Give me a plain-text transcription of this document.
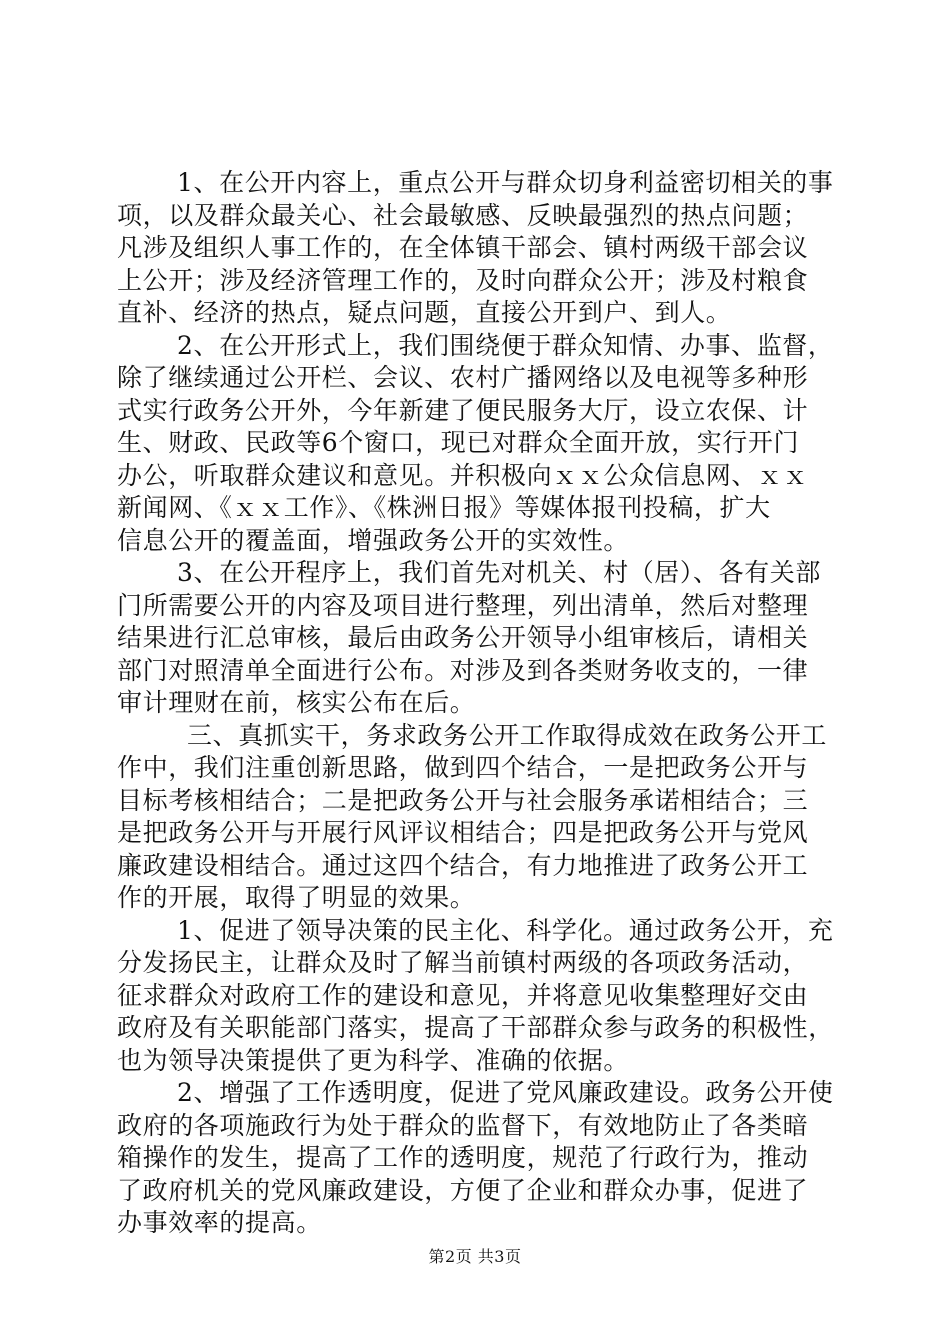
1、在公开内容上，重点公开与群众切身利益密切相关的事
项，以及群众最关心、社会最敏感、反映最强烈的热点问题；
凡涉及组织人事工作的，在全体镇干部会、镇村两级干部会议
上公开；涉及经济管理工作的，及时向群众公开；涉及村粮食
直补、经济的热点，疑点问题，直接公开到户、到人。
2、在公开形式上，我们围绕便于群众知情、办事、监督，
除了继续通过公开栏、会议、农村广播网络以及电视等多种形
式实行政务公开外，今年新建了便民服务大厅，设立农保、计
生、财政、民政等6个窗口，现已对群众全面开放，实行开门
办公，听取群众建议和意见。并积极向ｘｘ公众信息网、ｘｘ
新闻网、《ｘｘ工作》、《株洲日报》等媒体报刊投稿，扩大
信息公开的覆盖面，增强政务公开的实效性。
3、在公开程序上，我们首先对机关、村（居）、各有关部
门所需要公开的内容及项目进行整理，列出清单，然后对整理
结果进行汇总审核，最后由政务公开领导小组审核后，请相关
部门对照清单全面进行公布。对涉及到各类财务收支的，一律
审计理财在前，核实公布在后。
三、真抓实干，务求政务公开工作取得成效在政务公开工
作中，我们注重创新思路，做到四个结合，一是把政务公开与
目标考核相结合；二是把政务公开与社会服务承诺相结合；三
是把政务公开与开展行风评议相结合；四是把政务公开与党风
廉政建设相结合。通过这四个结合，有力地推进了政务公开工
作的开展，取得了明显的效果。
1、促进了领导决策的民主化、科学化。通过政务公开，充
分发扬民主，让群众及时了解当前镇村两级的各项政务活动，
征求群众对政府工作的建设和意见，并将意见收集整理好交由
政府及有关职能部门落实，提高了干部群众参与政务的积极性，
也为领导决策提供了更为科学、准确的依据。
2、增强了工作透明度，促进了党风廉政建设。政务公开使
政府的各项施政行为处于群众的监督下，有效地防止了各类暗
箱操作的发生，提高了工作的透明度，规范了行政行为，推动
了政府机关的党风廉政建设，方便了企业和群众办事，促进了
办事效率的提高。
第2页 共3页
